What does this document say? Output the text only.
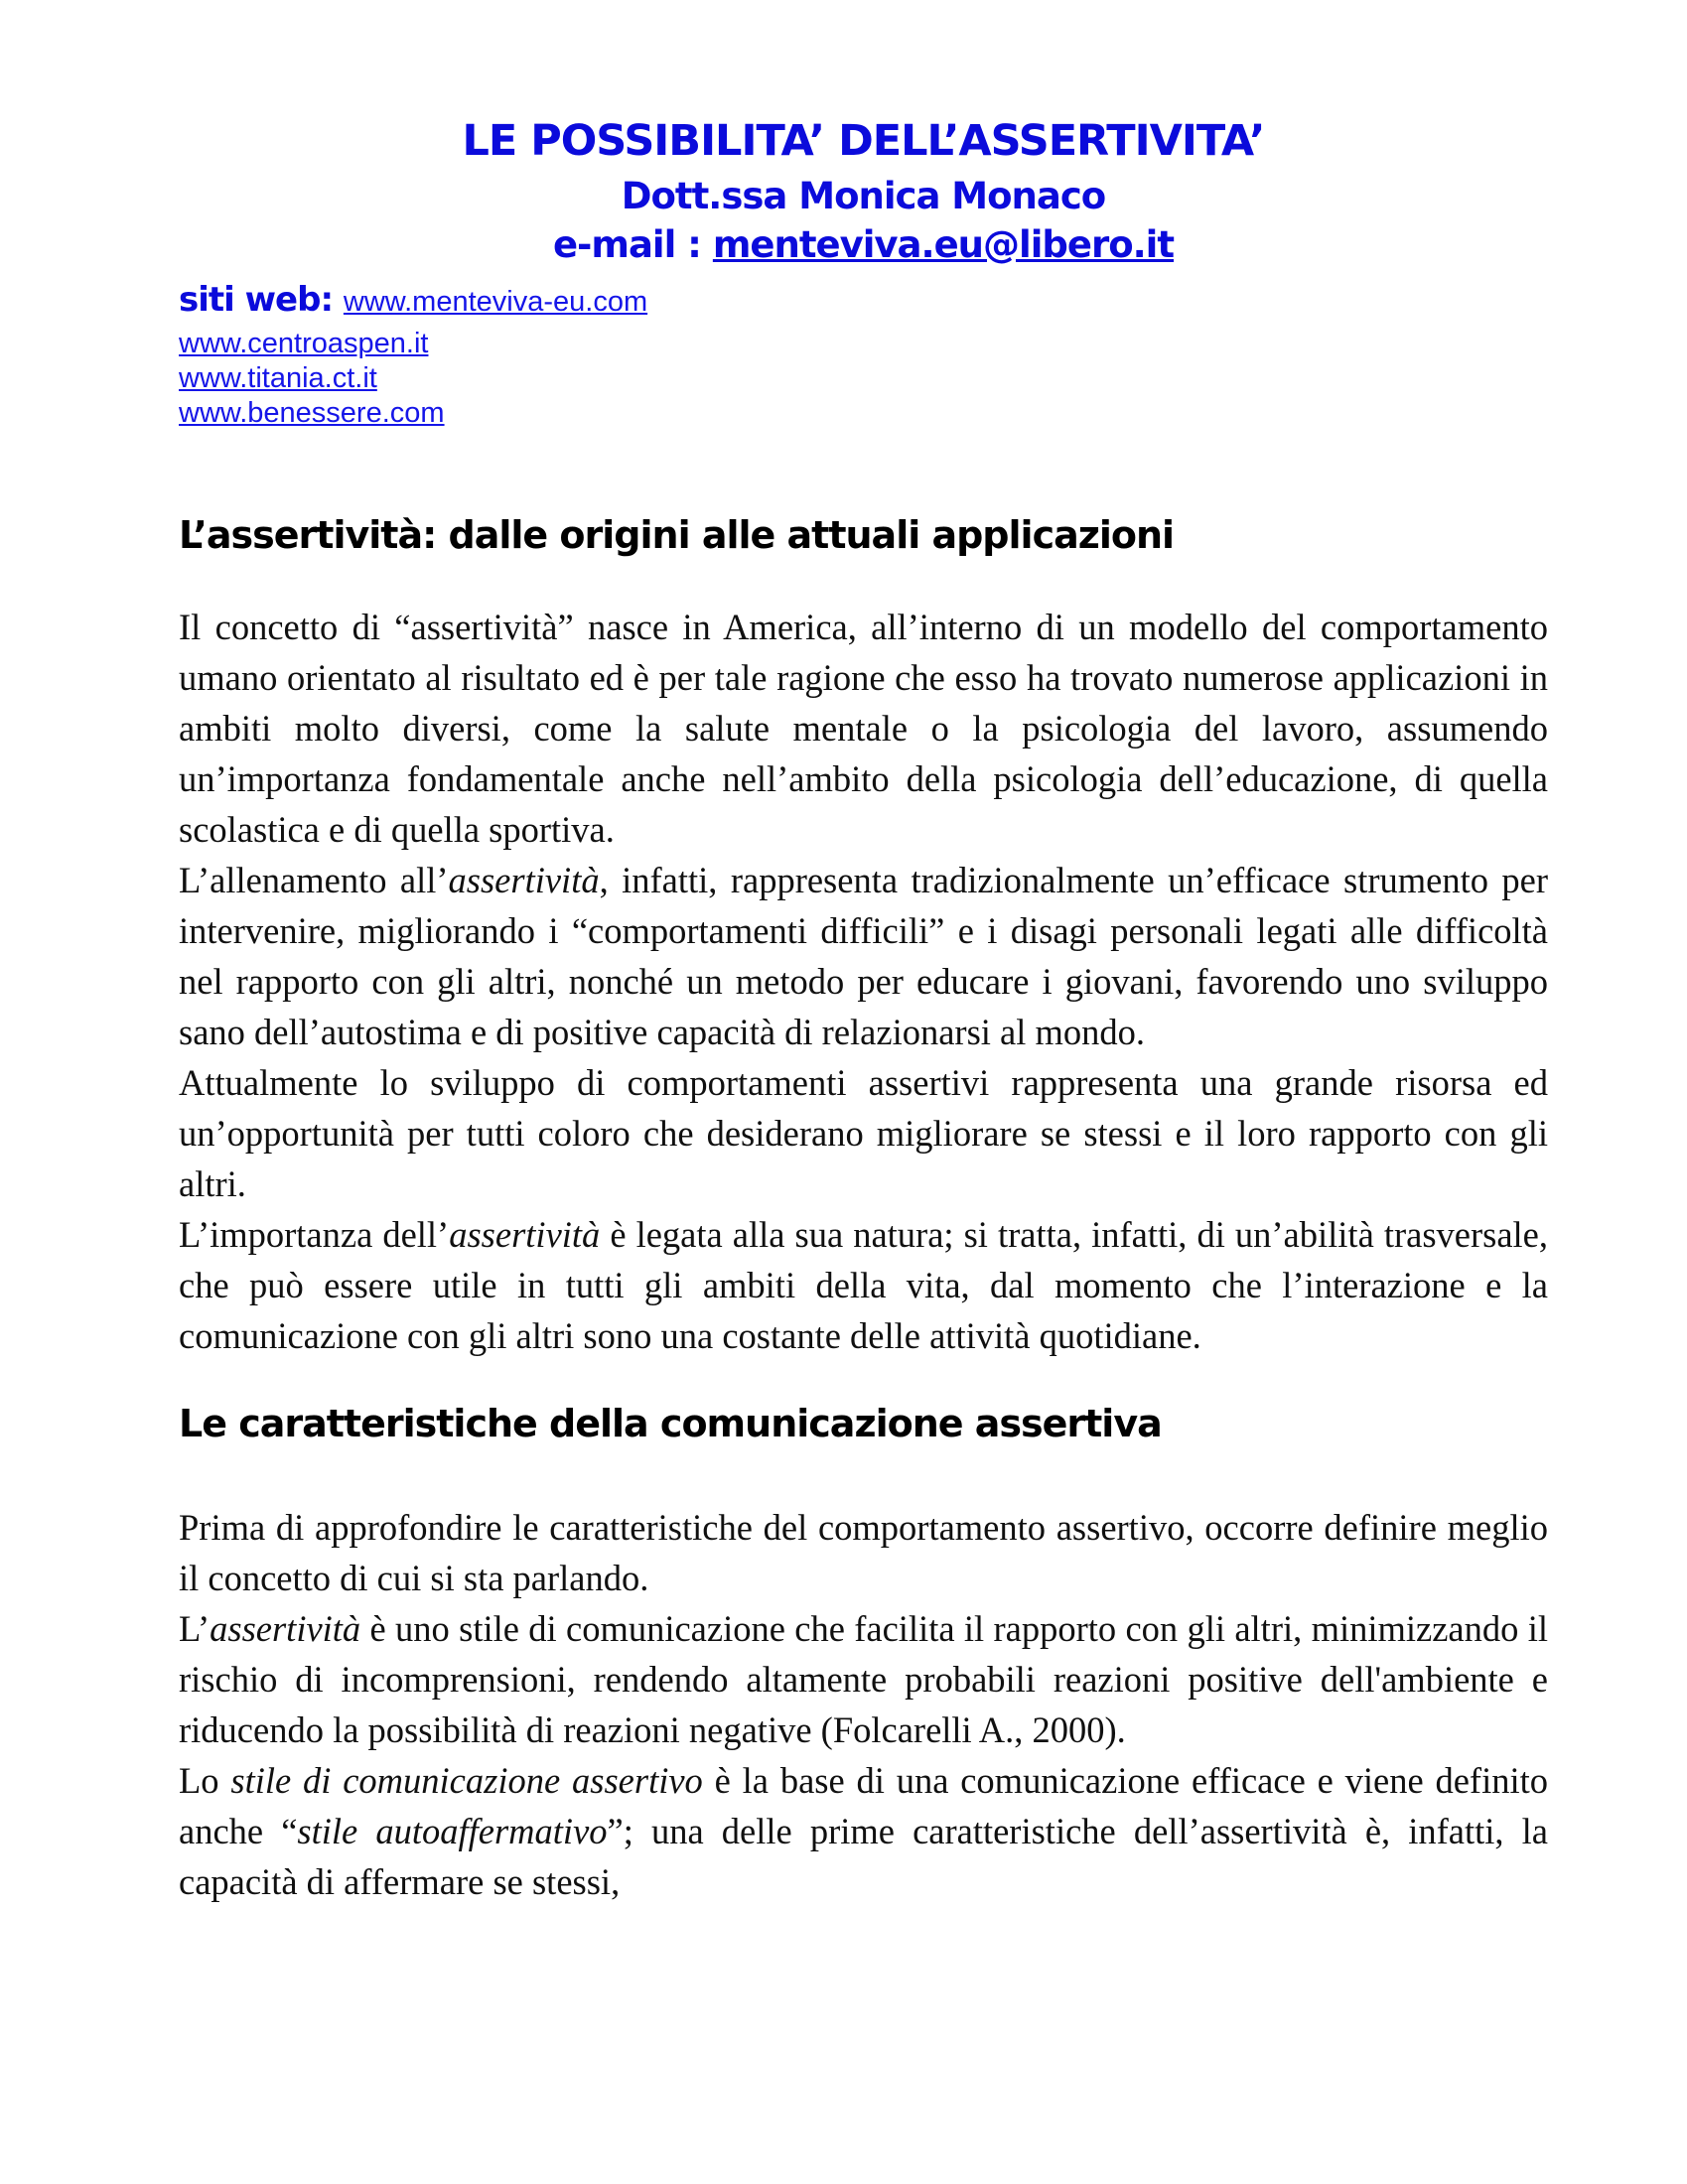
LE POSSIBILITA’ DELL’ASSERTIVITA’
Dott.ssa Monica Monaco
e-mail : menteviva.eu@libero.it
siti web: www.menteviva-eu.com
www.centroaspen.it
www.titania.ct.it
www.benessere.com
L’assertività: dalle origini alle attuali applicazioni

Il concetto di “assertività” nasce in America, all’interno di un modello del comportamento umano orientato al risultato ed è per tale ragione che esso ha trovato numerose applicazioni in ambiti molto diversi, come la salute mentale o la psicologia del lavoro, assumendo un’importanza fondamentale anche nell’ambito della psicologia dell’educazione, di quella scolastica e di quella sportiva.

L’allenamento all’assertività, infatti, rappresenta tradizionalmente un’efficace strumento per intervenire, migliorando i “comportamenti difficili” e i disagi personali legati alle difficoltà nel rapporto con gli altri, nonché un metodo per educare i giovani, favorendo uno sviluppo sano dell’autostima e di positive capacità di relazionarsi al mondo.

Attualmente lo sviluppo di comportamenti assertivi rappresenta una grande risorsa ed un’opportunità per tutti coloro che desiderano migliorare se stessi e il loro rapporto con gli altri.

L’importanza dell’assertività è legata alla sua natura; si tratta, infatti, di un’abilità trasversale, che può essere utile in tutti gli ambiti della vita, dal momento che l’interazione e la comunicazione con gli altri sono una costante delle attività quotidiane.

Le caratteristiche della comunicazione assertiva

Prima di approfondire le caratteristiche del comportamento assertivo, occorre definire meglio il concetto di cui si sta parlando.

L’assertività è uno stile di comunicazione che facilita il rapporto con gli altri, minimizzando il rischio di incomprensioni, rendendo altamente probabili reazioni positive dell'ambiente e riducendo la possibilità di reazioni negative (Folcarelli A., 2000).

Lo stile di comunicazione assertivo è la base di una comunicazione efficace e viene definito anche “stile autoaffermativo”; una delle prime caratteristiche dell’assertività è, infatti, la capacità di affermare se stessi,
